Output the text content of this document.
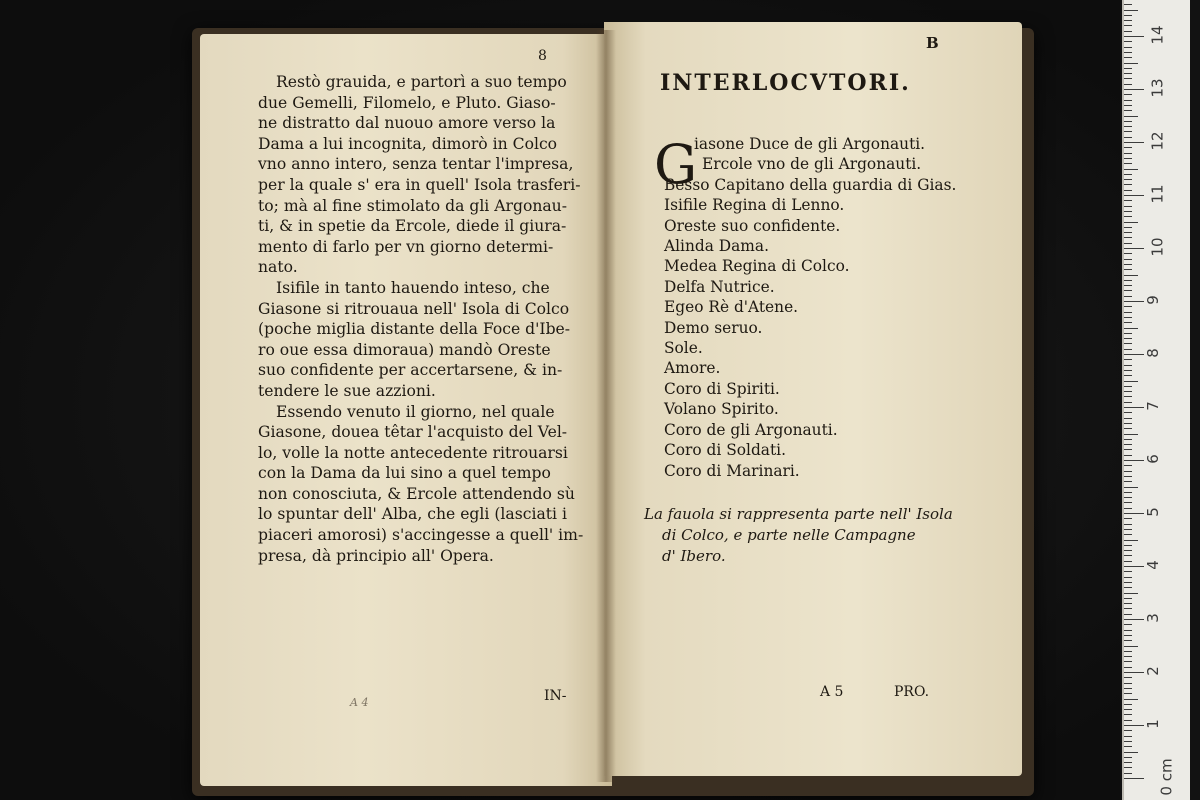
8

Restò grauida, e partorì a suo tempo
due Gemelli, Filomelo, e Pluto. Giaso-
ne distratto dal nuouo amore verso la
Dama a lui incognita, dimorò in Colco
vno anno intero, senza tentar l'impresa,
per la quale s' era in quell' Isola trasferi-
to; mà al fine stimolato da gli Argonau-
ti, & in spetie da Ercole, diede il giura-
mento di farlo per vn giorno determi-
nato.

Isifile in tanto hauendo inteso, che
Giasone si ritrouaua nell' Isola di Colco
(poche miglia distante della Foce d'Ibe-
ro oue essa dimoraua) mandò Oreste
suo confidente per accertarsene, & in-
tendere le sue azzioni.

Essendo venuto il giorno, nel quale
Giasone, doueа têtar l'acquisto del Vel-
lo, volle la notte antecedente ritrouarsi
con la Dama da lui sino a quel tempo
non conosciuta, & Ercole attendendo sù
lo spuntar dell' Alba, che egli (lasciati i
piaceri amorosi) s'accingesse a quell' im-
presa, dà principio all' Opera.

A 4	IN-
B
INTERLOCVTORI.
G
iasone Duce de gli Argonauti.
Ercole vno de gli Argonauti.
Besso Capitano della guardia di Gias.
Isifile Regina di Lenno.
Oreste suo confidente.
Alinda Dama.
Medea Regina di Colco.
Delfa Nutrice.
Egeo Rè d'Atene.
Demo seruo.
Sole.
Amore.
Coro di Spiriti.
Volano Spirito.
Coro de gli Argonauti.
Coro di Soldati.
Coro di Marinari.
La fauola si rappresenta parte nell' Isola
di Colco, e parte nelle Campagne
d' Ibero.
A 5	PRO.
14
13
12
11
10
9
8
7
6
5
4
3
2
1
0 cm
